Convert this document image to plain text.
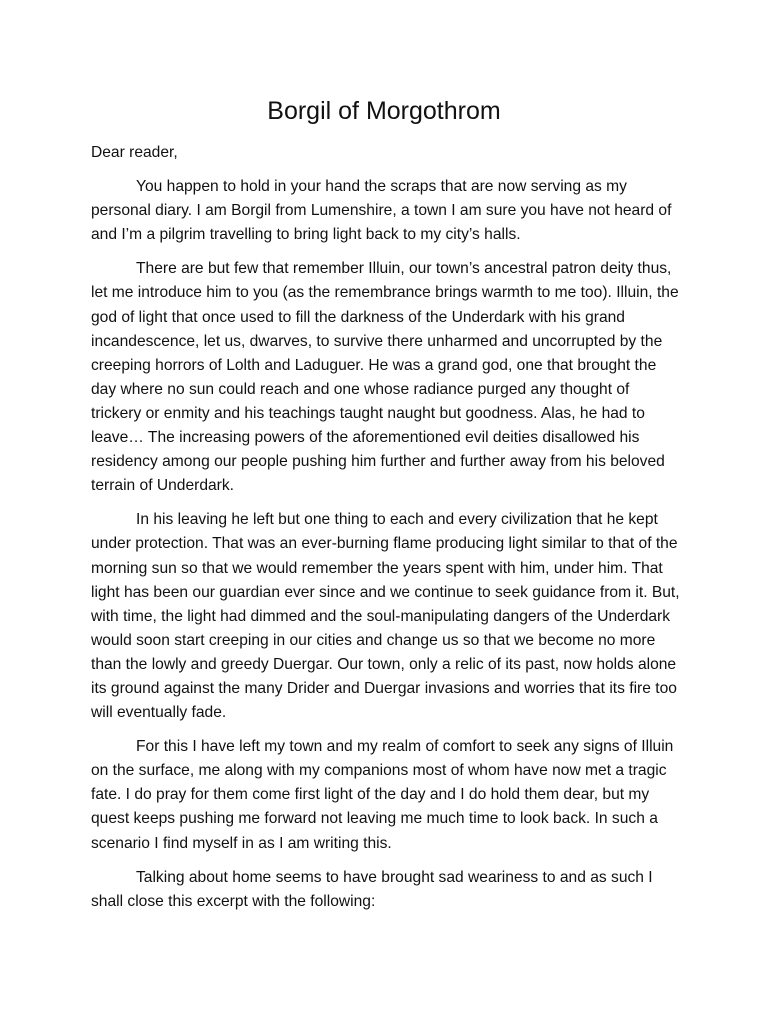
Borgil of Morgothrom

Dear reader,

You happen to hold in your hand the scraps that are now serving as my personal diary. I am Borgil from Lumenshire, a town I am sure you have not heard of and I’m a pilgrim travelling to bring light back to my city’s halls.

There are but few that remember Illuin, our town’s ancestral patron deity thus, let me introduce him to you (as the remembrance brings warmth to me too). Illuin, the god of light that once used to fill the darkness of the Underdark with his grand incandescence, let us, dwarves, to survive there unharmed and uncorrupted by the creeping horrors of Lolth and Laduguer. He was a grand god, one that brought the day where no sun could reach and one whose radiance purged any thought of trickery or enmity and his teachings taught naught but goodness. Alas, he had to leave… The increasing powers of the aforementioned evil deities disallowed his residency among our people pushing him further and further away from his beloved terrain of Underdark.

In his leaving he left but one thing to each and every civilization that he kept under protection. That was an ever-burning flame producing light similar to that of the morning sun so that we would remember the years spent with him, under him. That light has been our guardian ever since and we continue to seek guidance from it. But, with time, the light had dimmed and the soul-manipulating dangers of the Underdark would soon start creeping in our cities and change us so that we become no more than the lowly and greedy Duergar. Our town, only a relic of its past, now holds alone its ground against the many Drider and Duergar invasions and worries that its fire too will eventually fade.

For this I have left my town and my realm of comfort to seek any signs of Illuin on the surface, me along with my companions most of whom have now met a tragic fate. I do pray for them come first light of the day and I do hold them dear, but my quest keeps pushing me forward not leaving me much time to look back. In such a scenario I find myself in as I am writing this.

Talking about home seems to have brought sad weariness to and as such I shall close this excerpt with the following:
